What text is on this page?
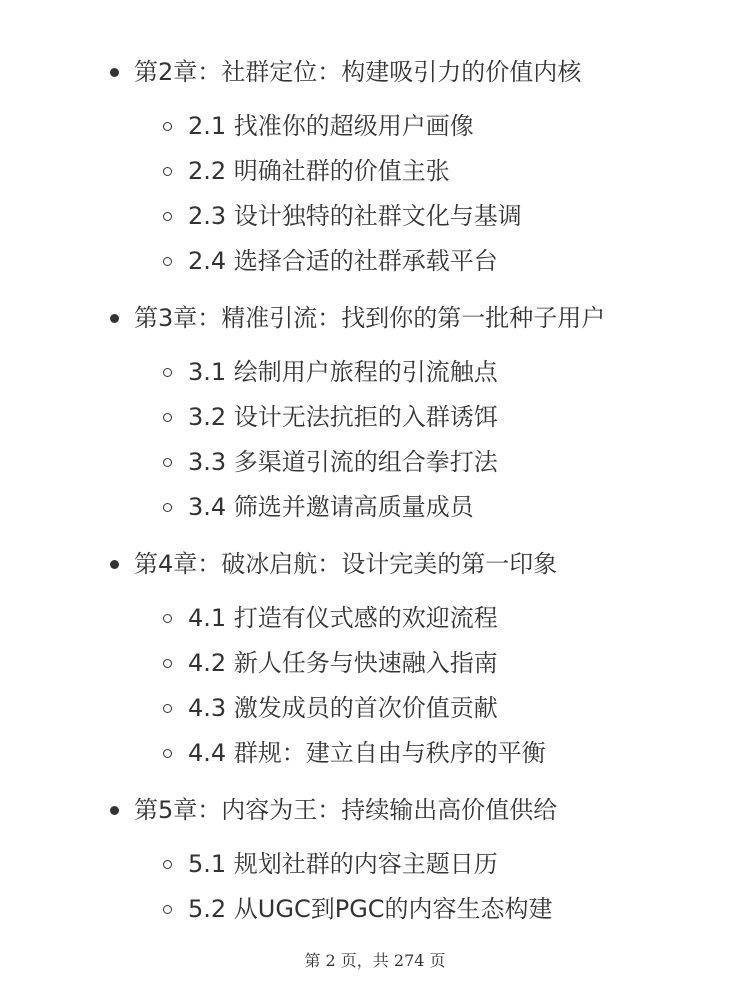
第2章：社群定位：构建吸引力的价值内核
2.1 找准你的超级用户画像
2.2 明确社群的价值主张
2.3 设计独特的社群文化与基调
2.4 选择合适的社群承载平台
第3章：精准引流：找到你的第一批种子用户
3.1 绘制用户旅程的引流触点
3.2 设计无法抗拒的入群诱饵
3.3 多渠道引流的组合拳打法
3.4 筛选并邀请高质量成员
第4章：破冰启航：设计完美的第一印象
4.1 打造有仪式感的欢迎流程
4.2 新人任务与快速融入指南
4.3 激发成员的首次价值贡献
4.4 群规：建立自由与秩序的平衡
第5章：内容为王：持续输出高价值供给
5.1 规划社群的内容主题日历
5.2 从UGC到PGC的内容生态构建
第 2 页，共 274 页
